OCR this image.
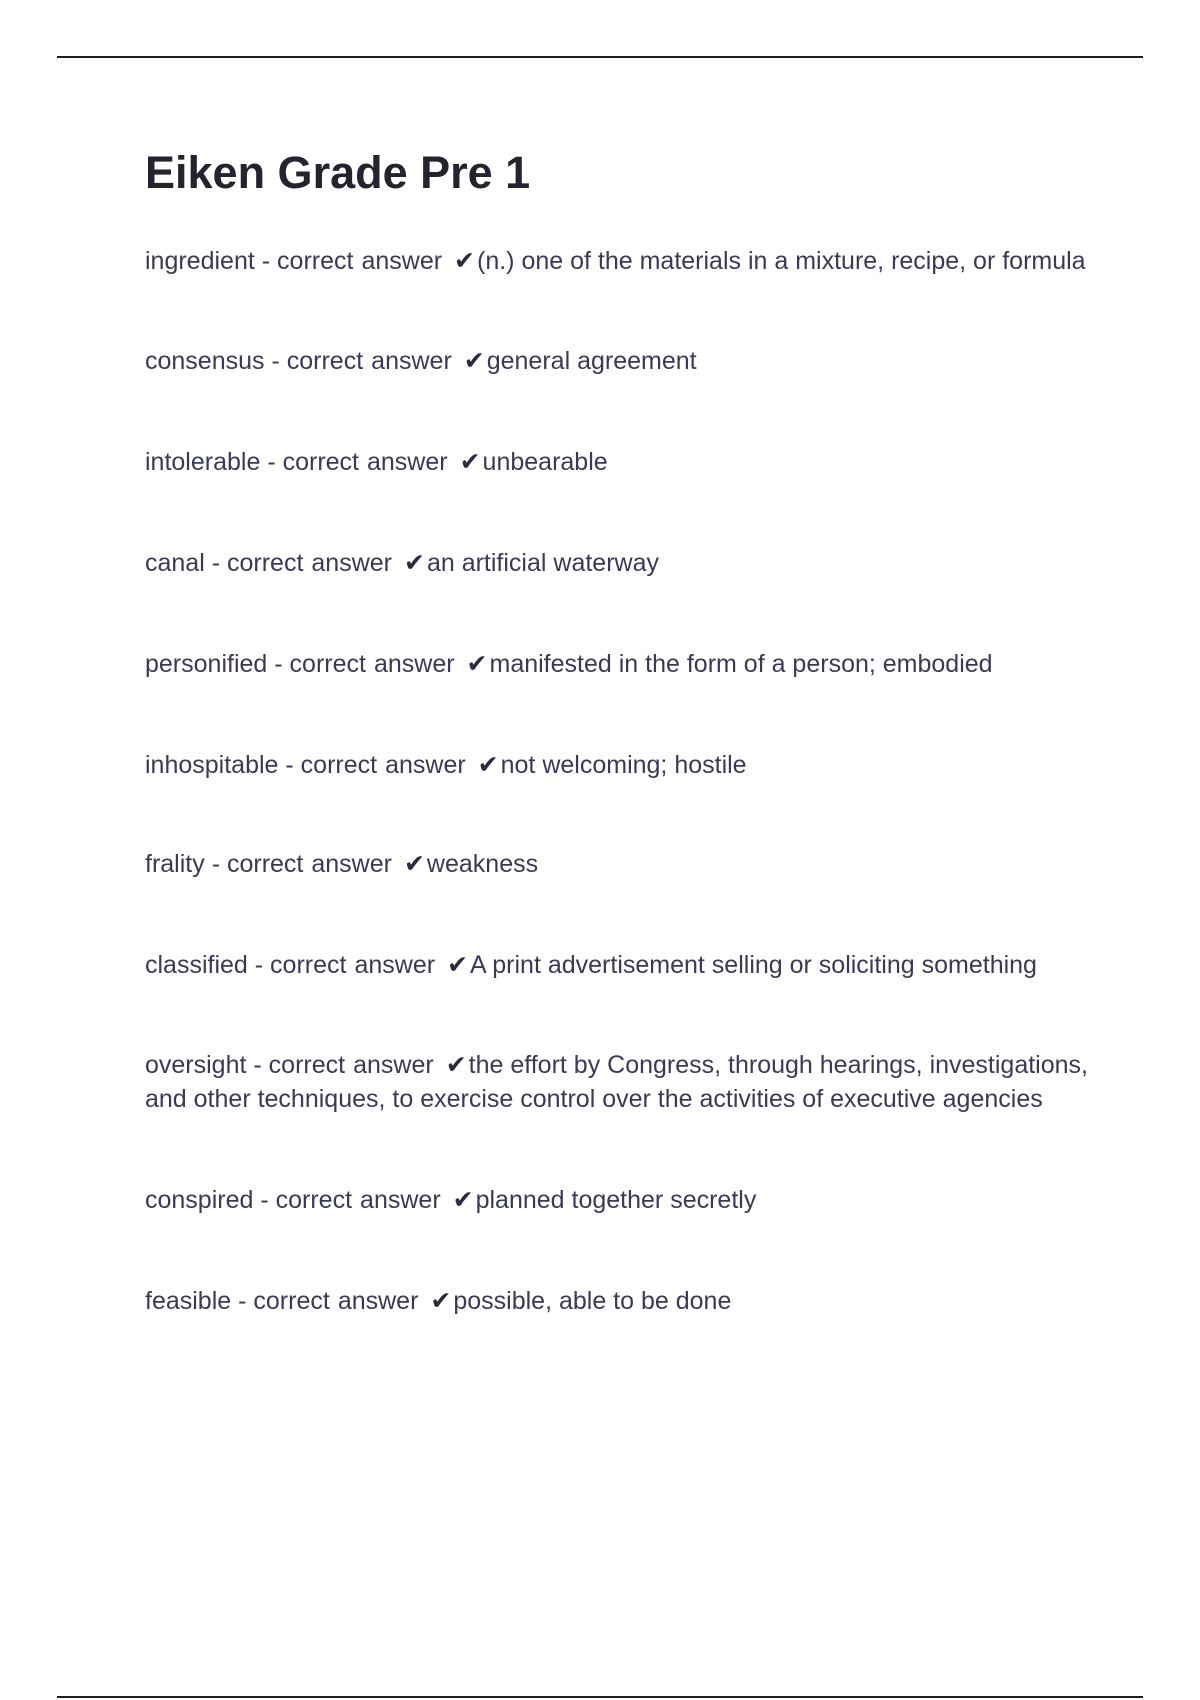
Eiken Grade Pre 1

ingredient - correct answer ✔(n.) one of the materials in a mixture, recipe, or formula

consensus - correct answer ✔general agreement

intolerable - correct answer ✔unbearable

canal - correct answer ✔an artificial waterway

personified - correct answer ✔manifested in the form of a person; embodied

inhospitable - correct answer ✔not welcoming; hostile

frality - correct answer ✔weakness

classified - correct answer ✔A print advertisement selling or soliciting something

oversight - correct answer ✔the effort by Congress, through hearings, investigations, and other techniques, to exercise control over the activities of executive agencies

conspired - correct answer ✔planned together secretly

feasible - correct answer ✔possible, able to be done
